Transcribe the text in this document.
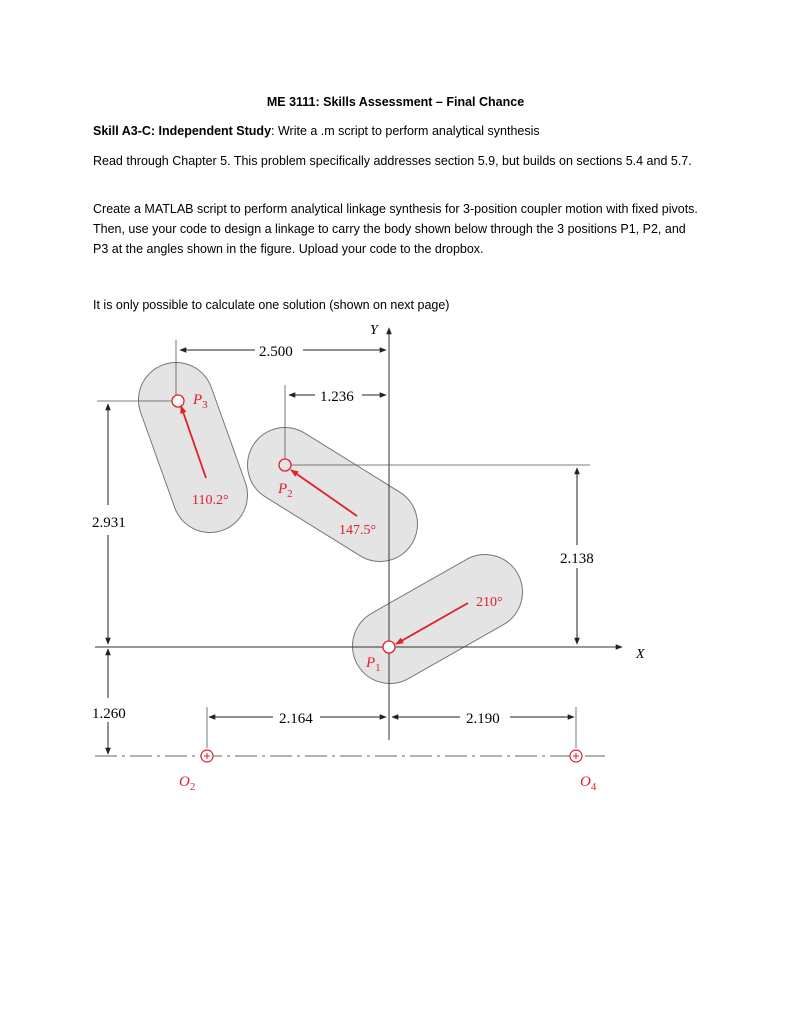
ME 3111: Skills Assessment – Final Chance
Skill A3-C: Independent Study: Write a .m script to perform analytical synthesis
Read through Chapter 5. This problem specifically addresses section 5.9, but builds on sections 5.4 and 5.7.
Create a MATLAB script to perform analytical linkage synthesis for 3-position coupler motion with fixed pivots. Then, use your code to design a linkage to carry the body shown below through the 3 positions P1, P2, and P3 at the angles shown in the figure. Upload your code to the dropbox.
It is only possible to calculate one solution (shown on next page)
Y
X
2.500
1.236
2.931
2.138
1.260	2.164	2.190
110.2°
147.5°
210°
$P_3$
$P_2$
$P_1$
$O_2$	$O_4$
